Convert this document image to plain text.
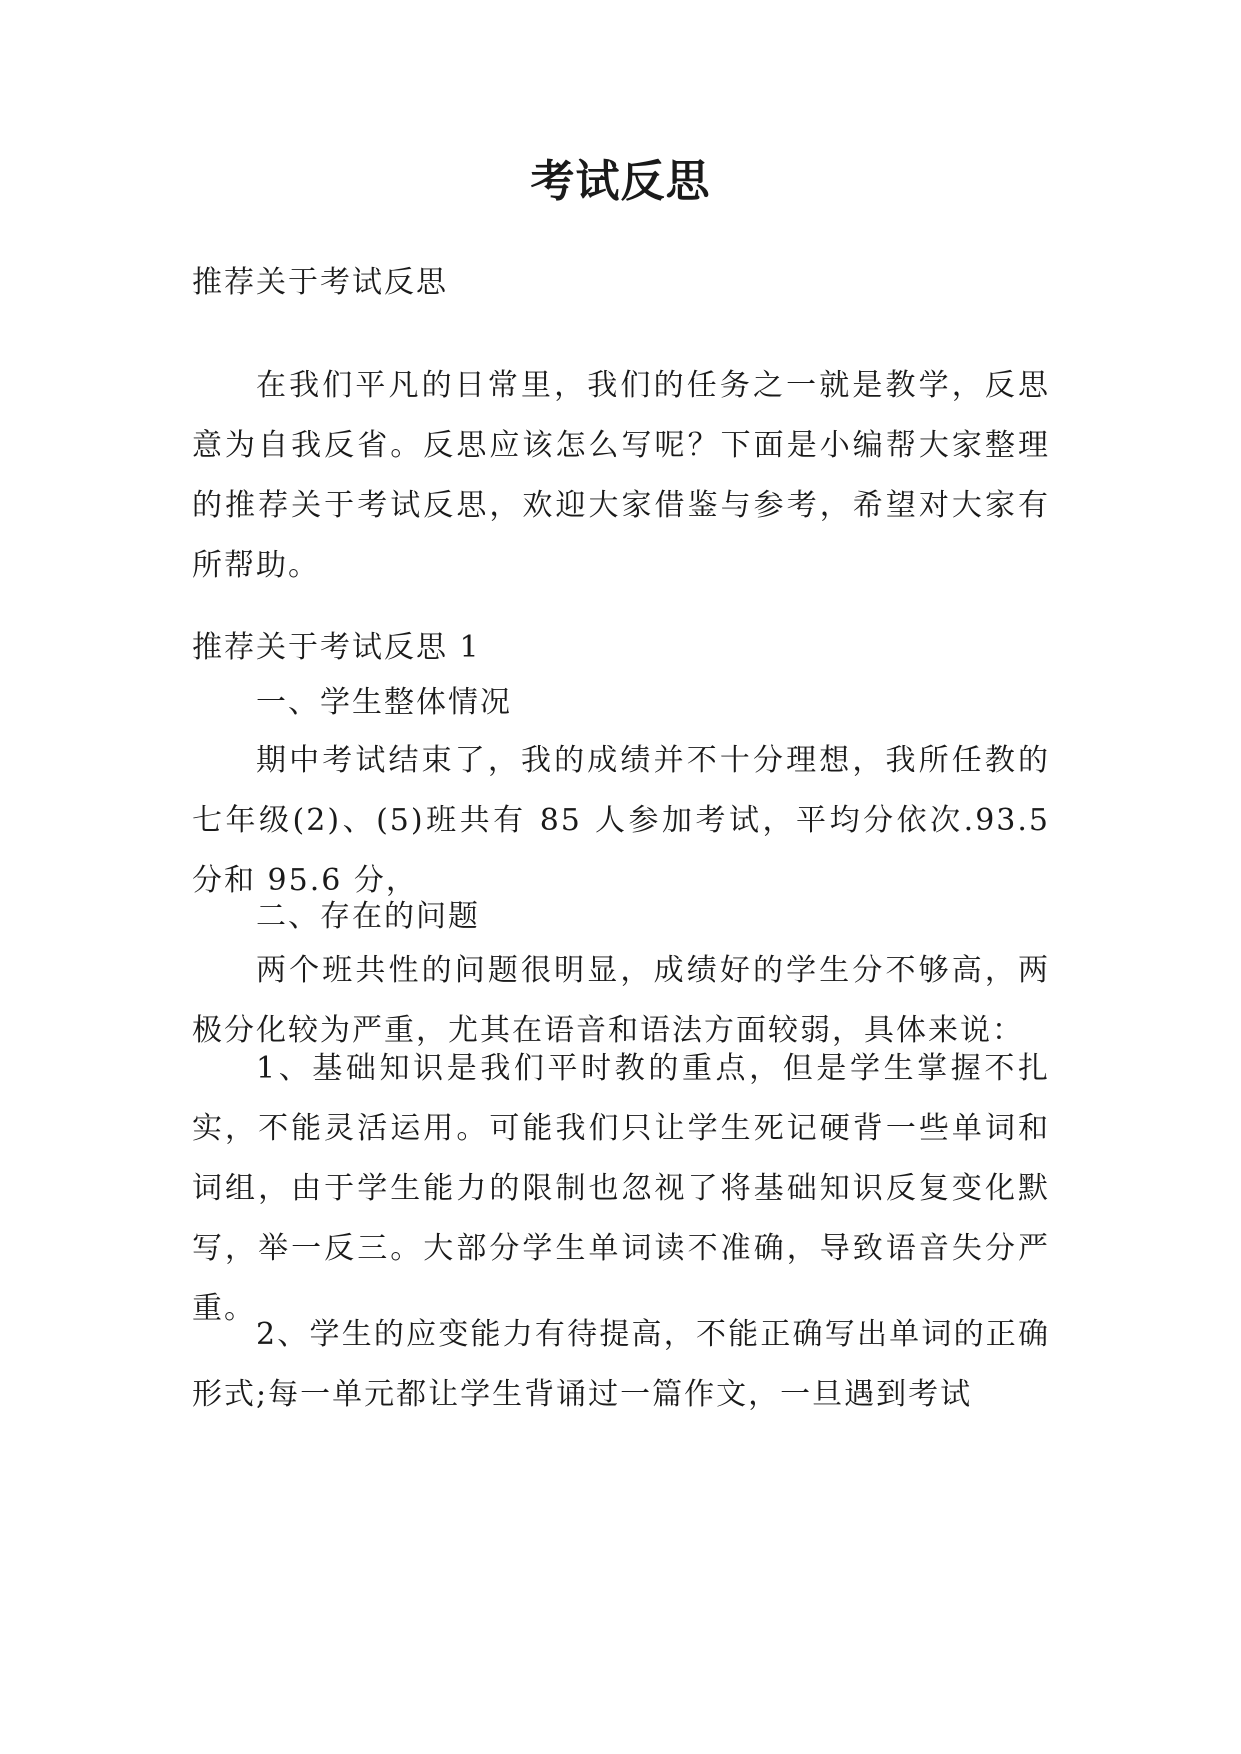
考试反思

推荐关于考试反思

在我们平凡的日常里，我们的任务之一就是教学，反思意为自我反省。反思应该怎么写呢？下面是小编帮大家整理的推荐关于考试反思，欢迎大家借鉴与参考，希望对大家有所帮助。

推荐关于考试反思 1

一、学生整体情况

期中考试结束了，我的成绩并不十分理想，我所任教的七年级(2)、(5)班共有 85 人参加考试，平均分依次.93.5 分和 95.6 分，

二、存在的问题

两个班共性的问题很明显，成绩好的学生分不够高，两极分化较为严重，尤其在语音和语法方面较弱，具体来说：

1、基础知识是我们平时教的重点，但是学生掌握不扎实，不能灵活运用。可能我们只让学生死记硬背一些单词和词组，由于学生能力的限制也忽视了将基础知识反复变化默写，举一反三。大部分学生单词读不准确，导致语音失分严重。

2、学生的应变能力有待提高，不能正确写出单词的正确形式;每一单元都让学生背诵过一篇作文，一旦遇到考试
